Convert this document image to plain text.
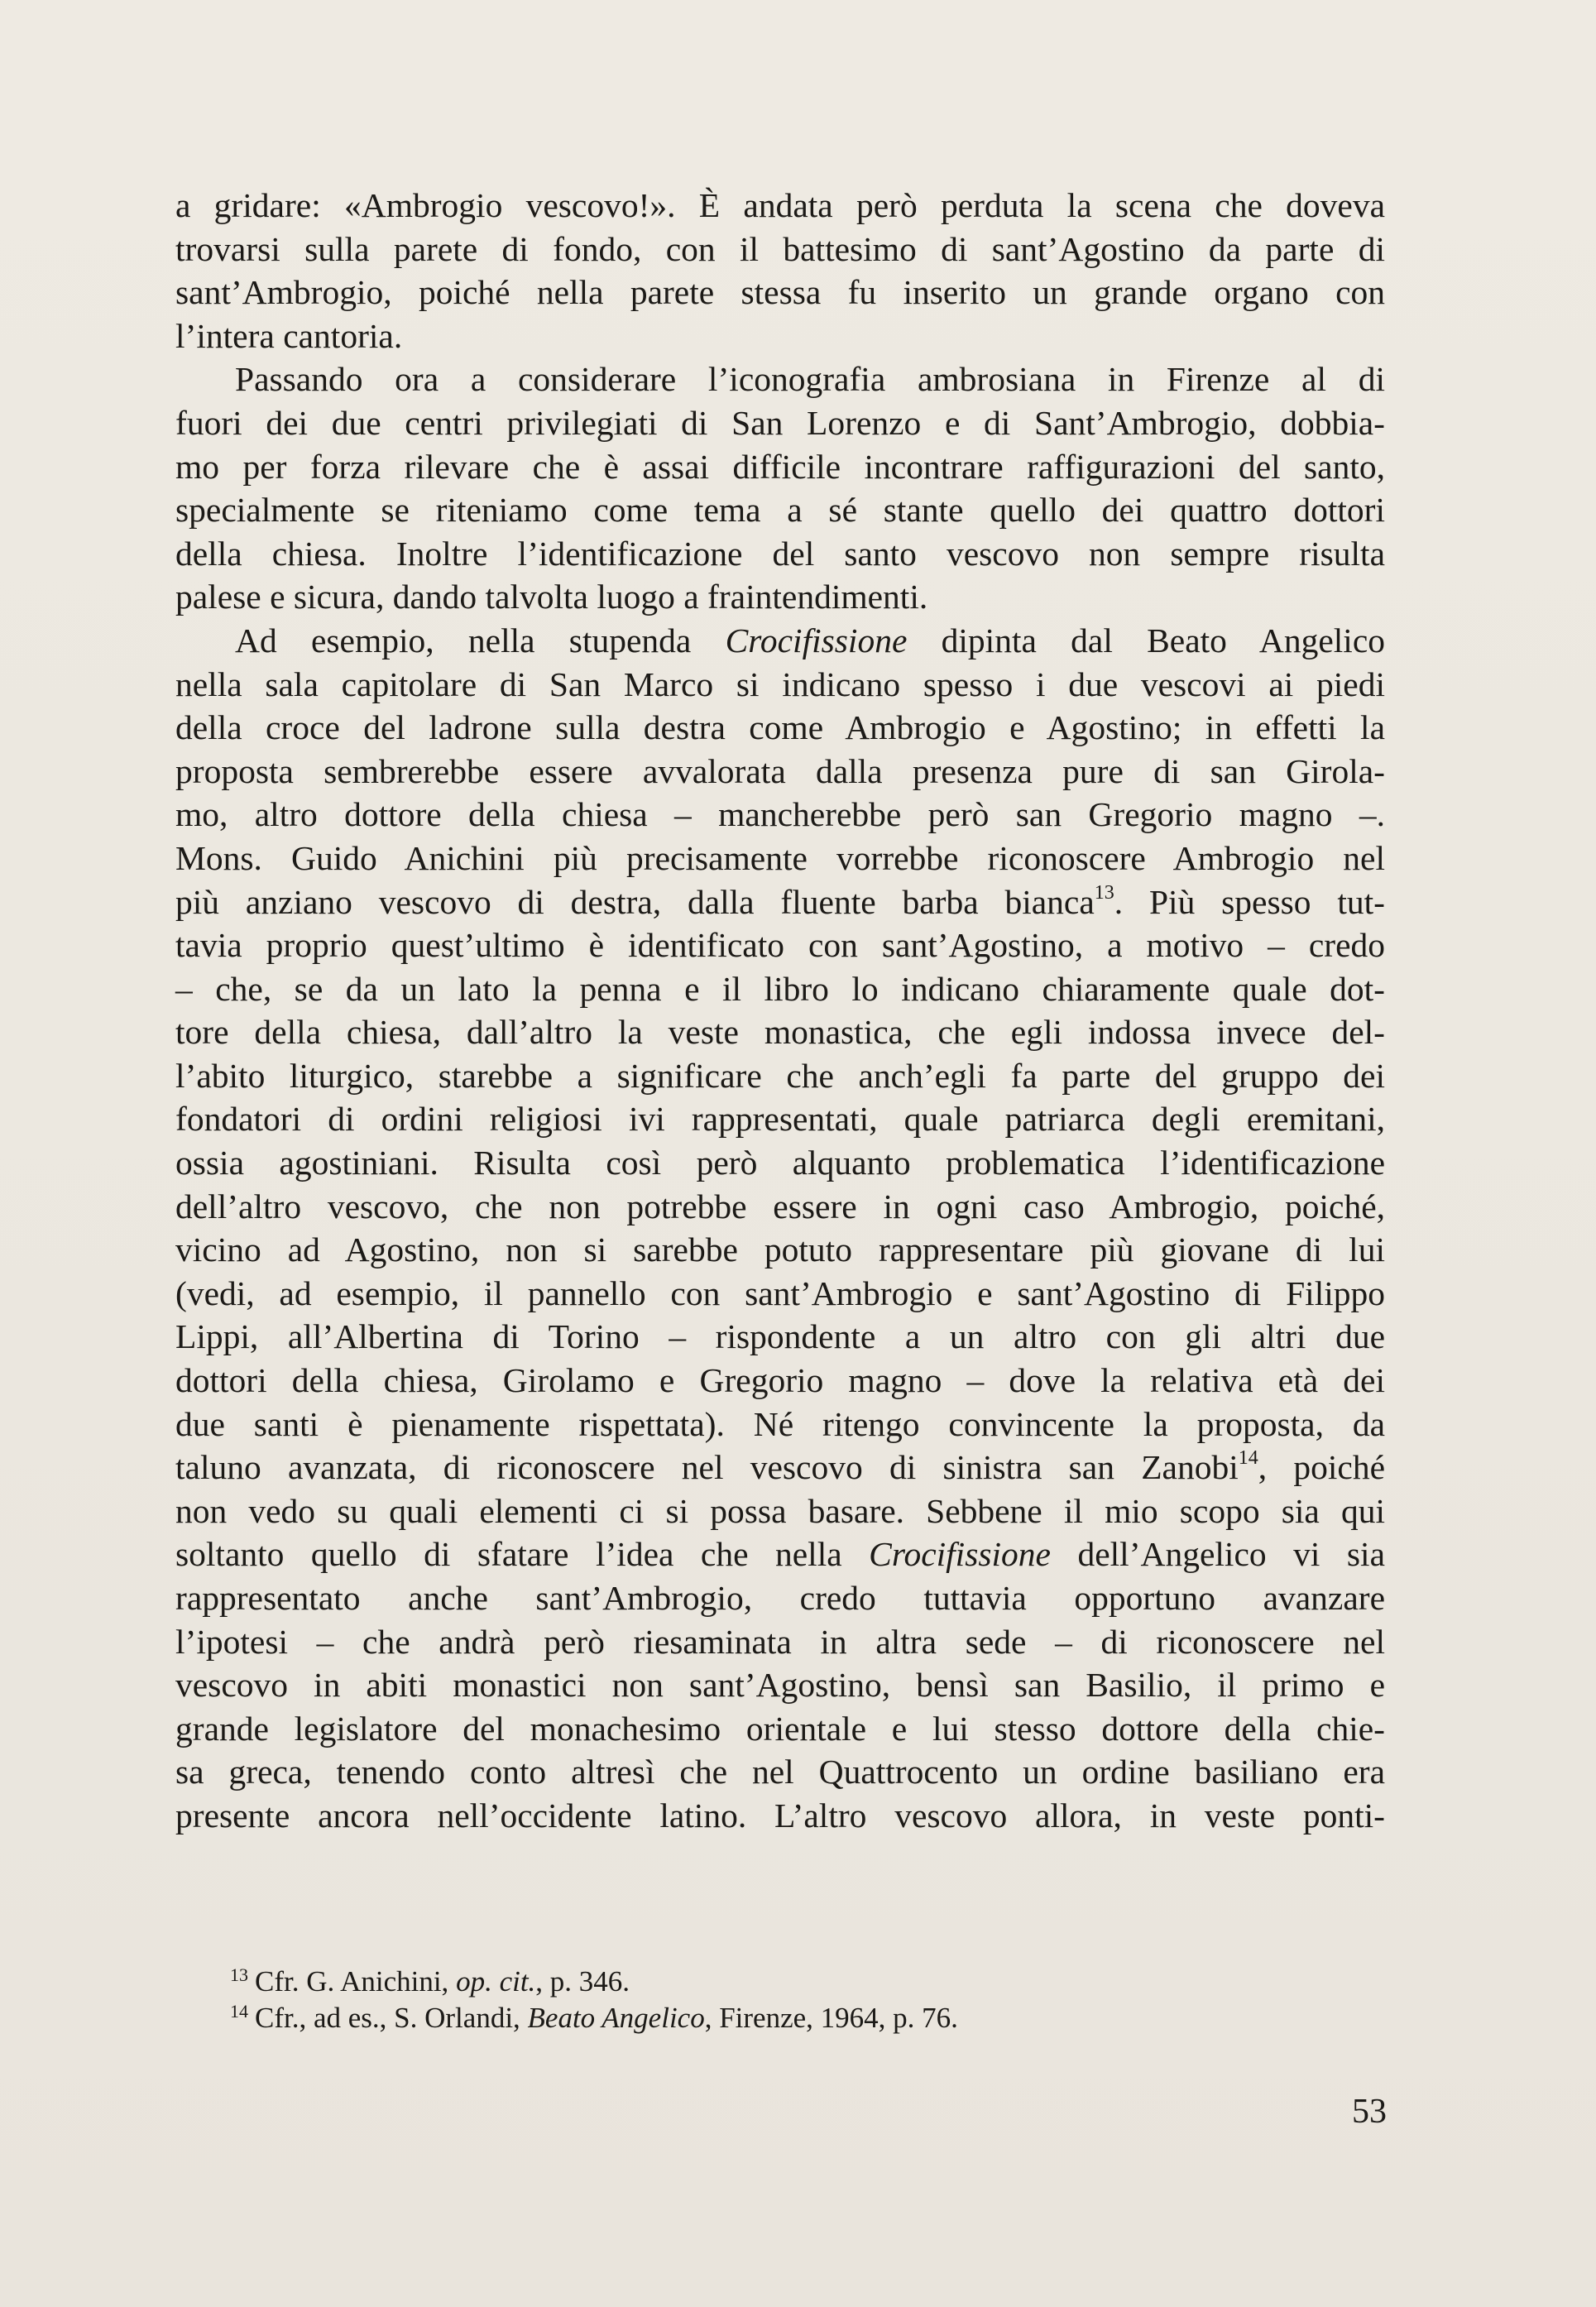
a gridare: «Ambrogio vescovo!». È andata però perduta la scena che doveva
trovarsi sulla parete di fondo, con il battesimo di sant’Agostino da parte di
sant’Ambrogio, poiché nella parete stessa fu inserito un grande organo con
l’intera cantoria.
Passando ora a considerare l’iconografia ambrosiana in Firenze al di
fuori dei due centri privilegiati di San Lorenzo e di Sant’Ambrogio, dobbia-
mo per forza rilevare che è assai difficile incontrare raffigurazioni del santo,
specialmente se riteniamo come tema a sé stante quello dei quattro dottori
della chiesa. Inoltre l’identificazione del santo vescovo non sempre risulta
palese e sicura, dando talvolta luogo a fraintendimenti.
Ad esempio, nella stupenda Crocifissione dipinta dal Beato Angelico
nella sala capitolare di San Marco si indicano spesso i due vescovi ai piedi
della croce del ladrone sulla destra come Ambrogio e Agostino; in effetti la
proposta sembrerebbe essere avvalorata dalla presenza pure di san Girola-
mo, altro dottore della chiesa – mancherebbe però san Gregorio magno –.
Mons. Guido Anichini più precisamente vorrebbe riconoscere Ambrogio nel
più anziano vescovo di destra, dalla fluente barba bianca$^{13}$. Più spesso tut-
tavia proprio quest’ultimo è identificato con sant’Agostino, a motivo – credo
– che, se da un lato la penna e il libro lo indicano chiaramente quale dot-
tore della chiesa, dall’altro la veste monastica, che egli indossa invece del-
l’abito liturgico, starebbe a significare che anch’egli fa parte del gruppo dei
fondatori di ordini religiosi ivi rappresentati, quale patriarca degli eremitani,
ossia agostiniani. Risulta così però alquanto problematica l’identificazione
dell’altro vescovo, che non potrebbe essere in ogni caso Ambrogio, poiché,
vicino ad Agostino, non si sarebbe potuto rappresentare più giovane di lui
(vedi, ad esempio, il pannello con sant’Ambrogio e sant’Agostino di Filippo
Lippi, all’Albertina di Torino – rispondente a un altro con gli altri due
dottori della chiesa, Girolamo e Gregorio magno – dove la relativa età dei
due santi è pienamente rispettata). Né ritengo convincente la proposta, da
taluno avanzata, di riconoscere nel vescovo di sinistra san Zanobi$^{14}$, poiché
non vedo su quali elementi ci si possa basare. Sebbene il mio scopo sia qui
soltanto quello di sfatare l’idea che nella Crocifissione dell’Angelico vi sia
rappresentato anche sant’Ambrogio, credo tuttavia opportuno avanzare
l’ipotesi – che andrà però riesaminata in altra sede – di riconoscere nel
vescovo in abiti monastici non sant’Agostino, bensì san Basilio, il primo e
grande legislatore del monachesimo orientale e lui stesso dottore della chie-
sa greca, tenendo conto altresì che nel Quattrocento un ordine basiliano era
presente ancora nell’occidente latino. L’altro vescovo allora, in veste ponti-
13 Cfr. G. Anichini, op. cit., p. 346.
14 Cfr., ad es., S. Orlandi, Beato Angelico, Firenze, 1964, p. 76.
53
